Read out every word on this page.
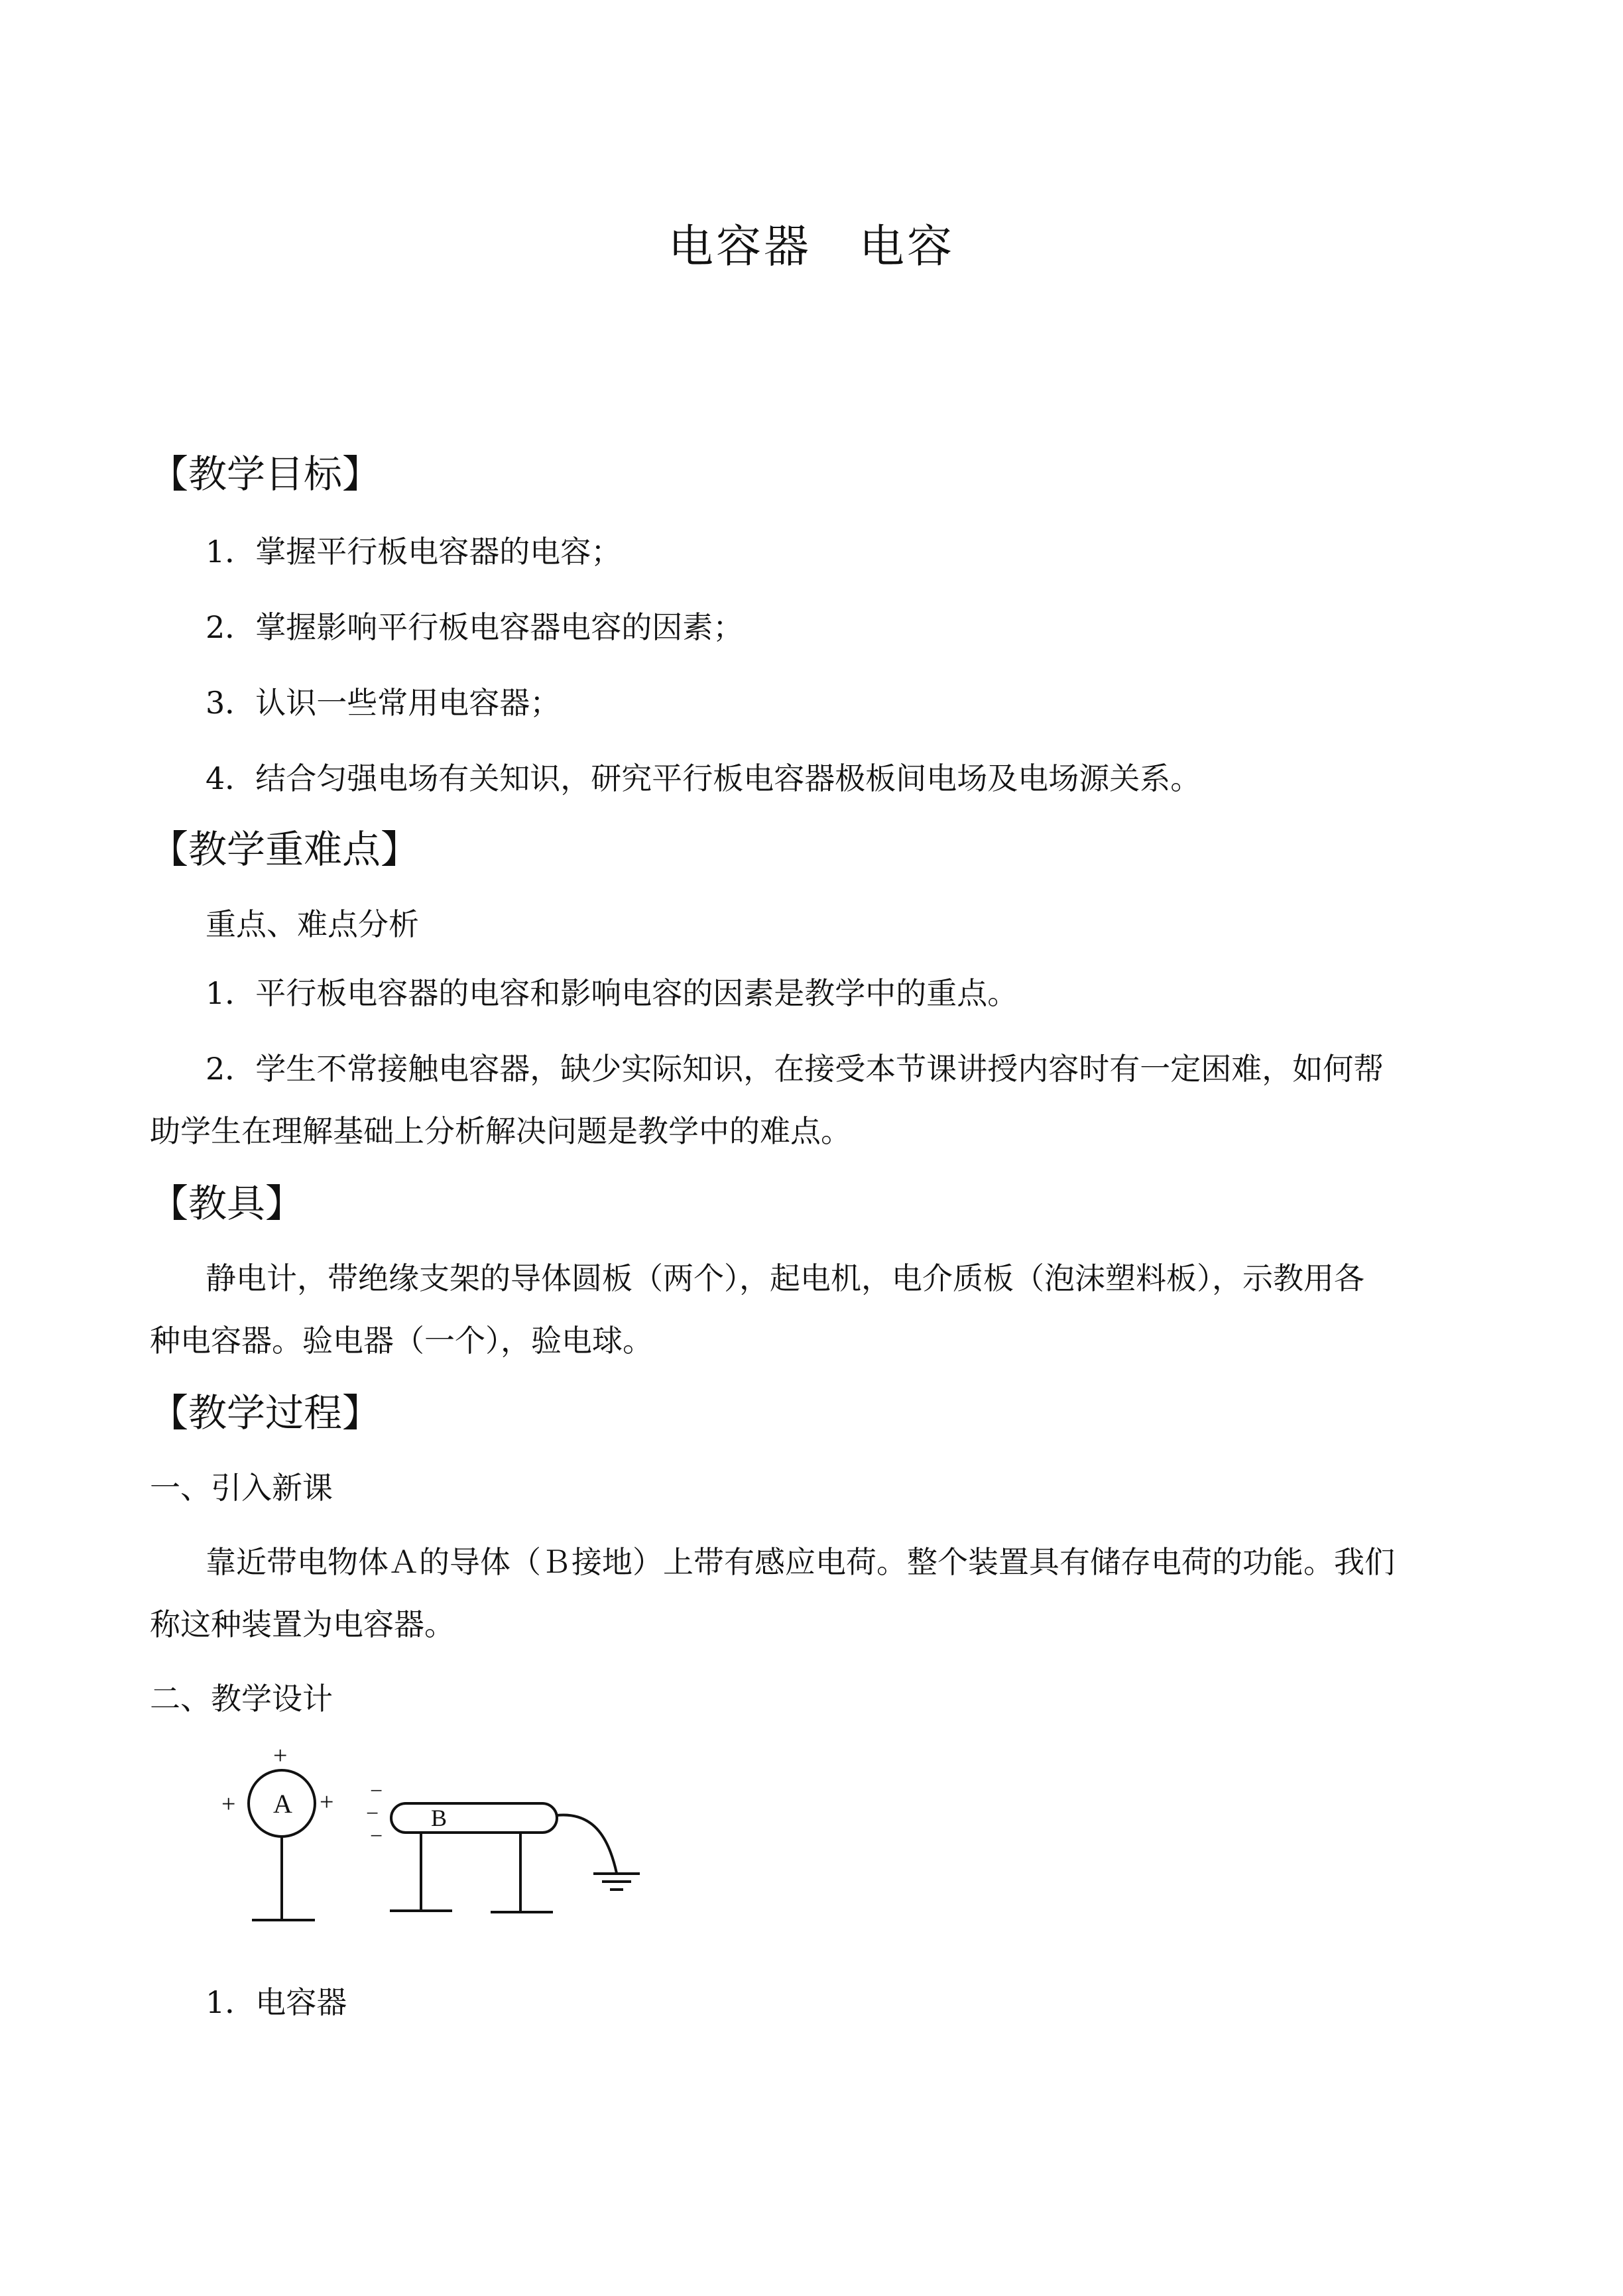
电容器　电容
【教学目标】
1．掌握平行板电容器的电容；
2．掌握影响平行板电容器电容的因素；
3．认识一些常用电容器；
4．结合匀强电场有关知识，研究平行板电容器极板间电场及电场源关系。
【教学重难点】
重点、难点分析
1．平行板电容器的电容和影响电容的因素是教学中的重点。
2．学生不常接触电容器，缺少实际知识，在接受本节课讲授内容时有一定困难，如何帮
助学生在理解基础上分析解决问题是教学中的难点。
【教具】
静电计，带绝缘支架的导体圆板（两个），起电机，电介质板（泡沫塑料板），示教用各
种电容器。验电器（一个），验电球。
【教学过程】
一、引入新课
靠近带电物体Ａ的导体（Ｂ接地）上带有感应电荷。整个装置具有储存电荷的功能。我们
称这种装置为电容器。
二、教学设计
A	B
+
+	+ −
−
−
1．电容器
